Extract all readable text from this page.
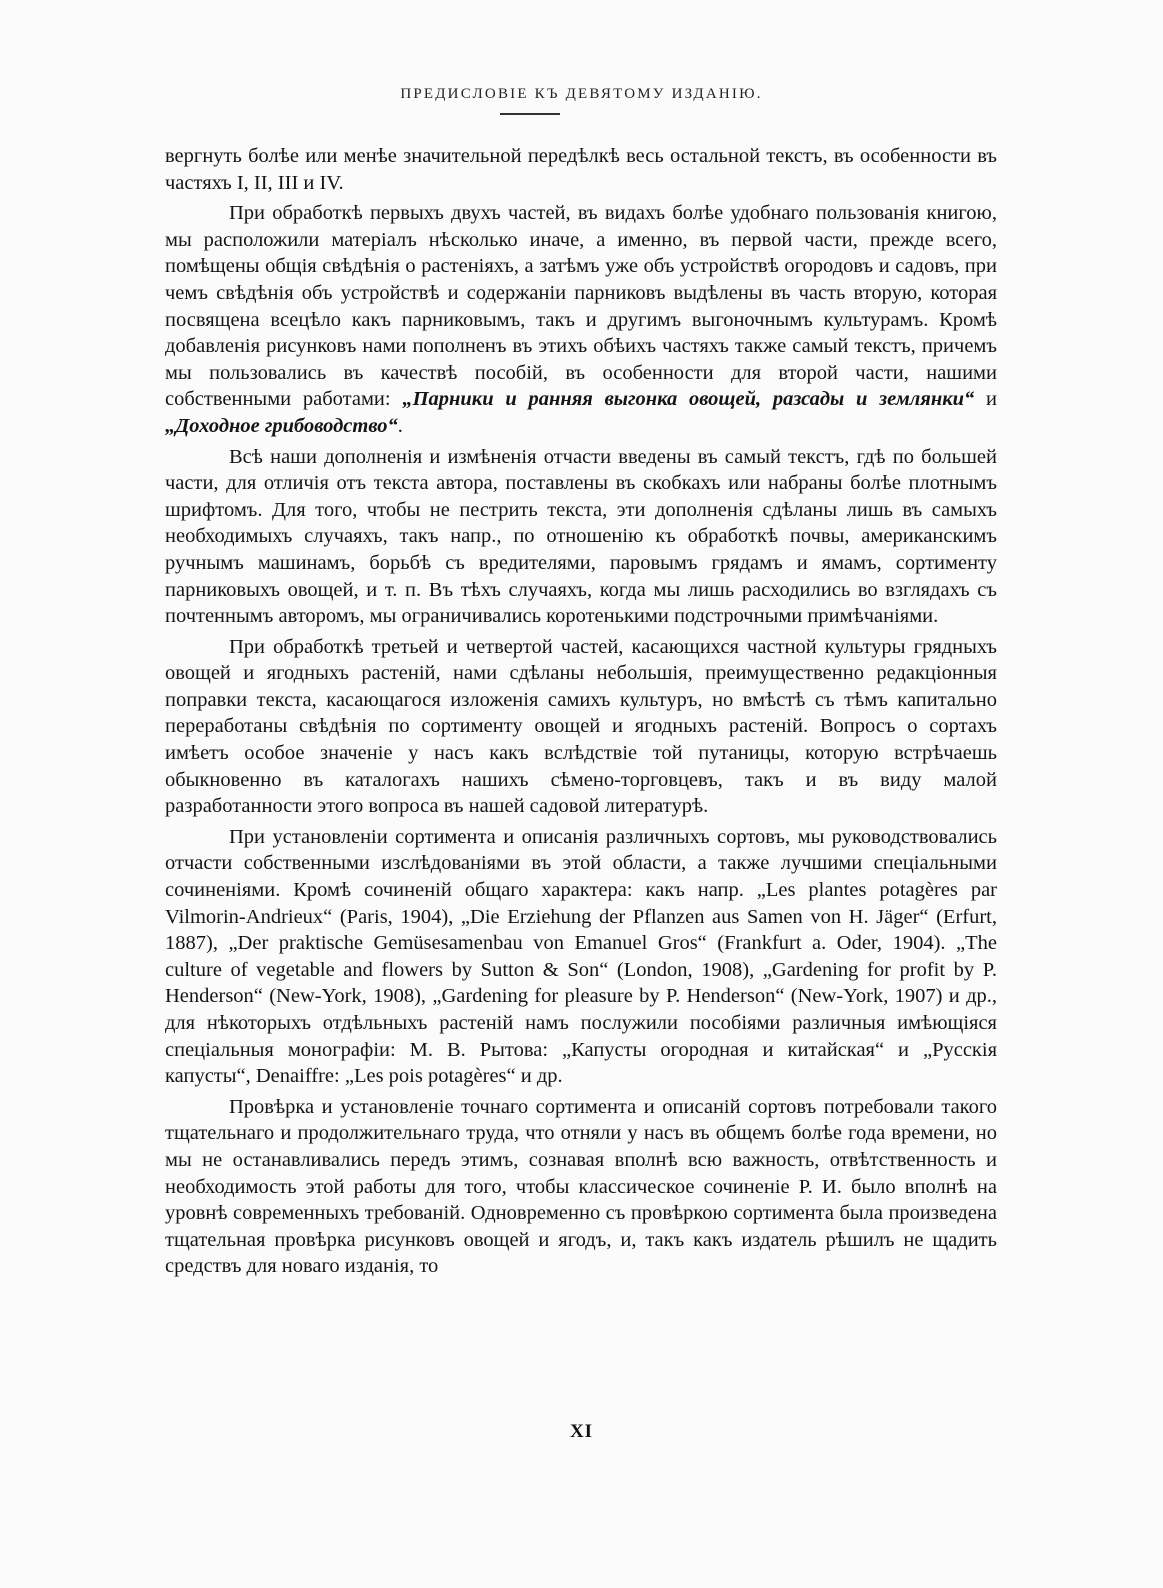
ПРЕДИСЛОВІЕ КЪ ДЕВЯТОМУ ИЗДАНІЮ.

вергнуть болѣе или менѣе значительной передѣлкѣ весь остальной текстъ, въ особенности въ частяхъ I, II, III и IV.

При обработкѣ первыхъ двухъ частей, въ видахъ болѣе удобнаго пользованія книгою, мы расположили матеріалъ нѣсколько иначе, а именно, въ первой части, прежде всего, помѣщены общія свѣдѣнія о растеніяхъ, а затѣмъ уже объ устройствѣ огородовъ и садовъ, при чемъ свѣдѣнія объ устройствѣ и содержаніи парниковъ выдѣлены въ часть вторую, которая посвящена всецѣло какъ парниковымъ, такъ и другимъ выгоночнымъ культурамъ. Кромѣ добавленія рисунковъ нами пополненъ въ этихъ обѣихъ частяхъ также самый текстъ, причемъ мы пользовались въ качествѣ пособій, въ особенности для второй части, нашими собственными работами: „Парники и ранняя выгонка овощей, разсады и землянки“ и „Доходное грибоводство“.

Всѣ наши дополненія и измѣненія отчасти введены въ самый текстъ, гдѣ по большей части, для отличія отъ текста автора, поставлены въ скобкахъ или набраны болѣе плотнымъ шрифтомъ. Для того, чтобы не пестрить текста, эти дополненія сдѣланы лишь въ самыхъ необходимыхъ случаяхъ, такъ напр., по отношенію къ обработкѣ почвы, американскимъ ручнымъ машинамъ, борьбѣ съ вредителями, паровымъ грядамъ и ямамъ, сортименту парниковыхъ овощей, и т. п. Въ тѣхъ случаяхъ, когда мы лишь расходились во взглядахъ съ почтеннымъ авторомъ, мы ограничивались коротенькими подстрочными примѣчаніями.

При обработкѣ третьей и четвертой частей, касающихся частной культуры грядныхъ овощей и ягодныхъ растеній, нами сдѣланы небольшія, преимущественно редакціонныя поправки текста, касающагося изложенія самихъ культуръ, но вмѣстѣ съ тѣмъ капитально переработаны свѣдѣнія по сортименту овощей и ягодныхъ растеній. Вопросъ о сортахъ имѣетъ особое значеніе у насъ какъ вслѣдствіе той путаницы, которую встрѣчаешь обыкновенно въ каталогахъ нашихъ сѣмено-торговцевъ, такъ и въ виду малой разработанности этого вопроса въ нашей садовой литературѣ.

При установленіи сортимента и описанія различныхъ сортовъ, мы руководствовались отчасти собственными изслѣдованіями въ этой области, а также лучшими спеціальными сочиненіями. Кромѣ сочиненій общаго характера: какъ напр. „Les plantes potagères par Vilmorin-Andrieux“ (Paris, 1904), „Die Erziehung der Pflanzen aus Samen von H. Jäger“ (Erfurt, 1887), „Der praktische Gemüsesamenbau von Emanuel Gros“ (Frankfurt a. Oder, 1904). „The culture of vegetable and flowers by Sutton & Son“ (London, 1908), „Gardening for profit by P. Henderson“ (New-York, 1908), „Gardening for pleasure by P. Henderson“ (New-York, 1907) и др., для нѣкоторыхъ отдѣльныхъ растеній намъ послужили пособіями различныя имѣющіяся спеціальныя монографіи: М. В. Рытова: „Капусты огородная и китайская“ и „Русскія капусты“, Denaiffre: „Les pois potagères“ и др.

Провѣрка и установленіе точнаго сортимента и описаній сортовъ потребовали такого тщательнаго и продолжительнаго труда, что отняли у насъ въ общемъ болѣе года времени, но мы не останавливались передъ этимъ, сознавая вполнѣ всю важность, отвѣтственность и необходимость этой работы для того, чтобы классическое сочиненіе Р. И. было вполнѣ на уровнѣ современныхъ требованій. Одновременно съ провѣркою сортимента была произведена тщательная провѣрка рисунковъ овощей и ягодъ, и, такъ какъ издатель рѣшилъ не щадить средствъ для новаго изданія, то

XI
